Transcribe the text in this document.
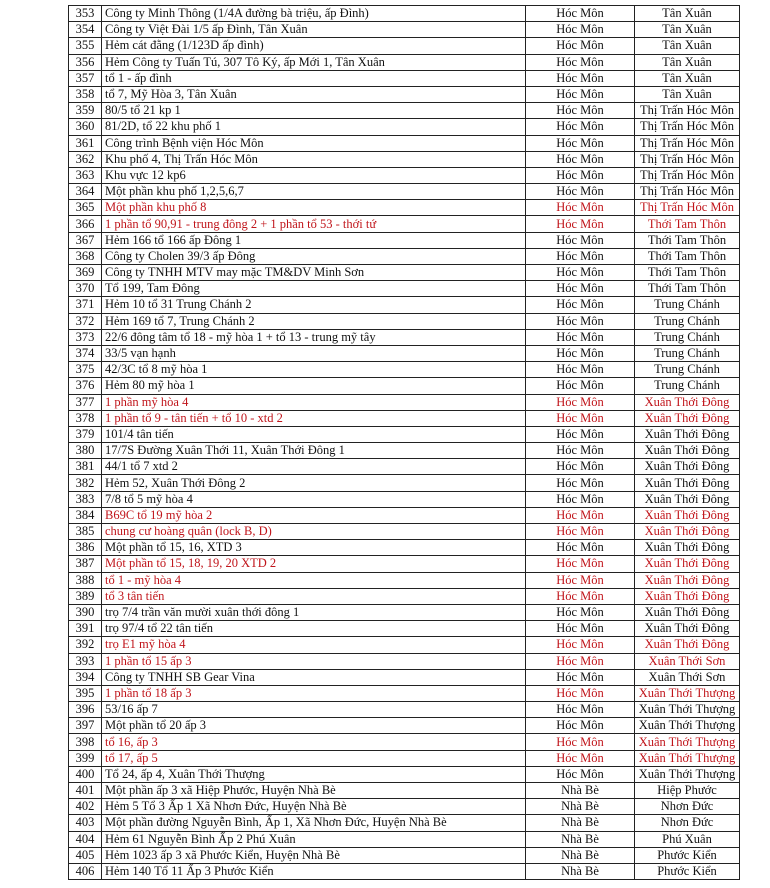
353	Công ty Minh Thông (1/4A đường bà triệu, ấp Đình)	Hóc Môn	Tân Xuân
354	Công ty Việt Đài 1/5 ấp Đình, Tân Xuân	Hóc Môn	Tân Xuân
355	Hẻm cát đằng (1/123D ấp đình)	Hóc Môn	Tân Xuân
356	Hẻm Công ty Tuấn Tú, 307 Tô Ký, ấp Mới 1, Tân Xuân	Hóc Môn	Tân Xuân
357	tổ 1 - ấp đình	Hóc Môn	Tân Xuân
358	tổ 7, Mỹ Hòa 3, Tân Xuân	Hóc Môn	Tân Xuân
359	80/5 tổ 21 kp 1	Hóc Môn	Thị Trấn Hóc Môn
360	81/2D, tổ 22 khu phố 1	Hóc Môn	Thị Trấn Hóc Môn
361	Công trình Bệnh viện Hóc Môn	Hóc Môn	Thị Trấn Hóc Môn
362	Khu phố 4, Thị Trấn Hóc Môn	Hóc Môn	Thị Trấn Hóc Môn
363	Khu vực 12 kp6	Hóc Môn	Thị Trấn Hóc Môn
364	Một phần khu phố 1,2,5,6,7	Hóc Môn	Thị Trấn Hóc Môn
365	Một phần khu phố 8	Hóc Môn	Thị Trấn Hóc Môn
366	1 phần tổ 90,91 - trung đông 2 + 1 phần tổ 53 - thới tứ	Hóc Môn	Thới Tam Thôn
367	Hẻm 166 tổ 166 ấp Đông 1	Hóc Môn	Thới Tam Thôn
368	Công ty Cholen 39/3 ấp Đông	Hóc Môn	Thới Tam Thôn
369	Công ty TNHH MTV may mặc TM&DV Minh Sơn	Hóc Môn	Thới Tam Thôn
370	Tổ 199, Tam Đông	Hóc Môn	Thới Tam Thôn
371	Hẻm 10 tổ 31 Trung Chánh 2	Hóc Môn	Trung Chánh
372	Hẻm 169 tổ 7, Trung Chánh 2	Hóc Môn	Trung Chánh
373	22/6 đông tâm tổ 18 - mỹ hòa 1 + tổ 13 - trung mỹ tây	Hóc Môn	Trung Chánh
374	33/5 vạn hạnh	Hóc Môn	Trung Chánh
375	42/3C tổ 8 mỹ hòa 1	Hóc Môn	Trung Chánh
376	Hẻm 80 mỹ hòa 1	Hóc Môn	Trung Chánh
377	1 phần mỹ hòa 4	Hóc Môn	Xuân Thới Đông
378	1 phần tổ 9 - tân tiến + tổ 10 - xtd 2	Hóc Môn	Xuân Thới Đông
379	101/4 tân tiến	Hóc Môn	Xuân Thới Đông
380	17/7S Đường Xuân Thới 11, Xuân Thới Đông 1	Hóc Môn	Xuân Thới Đông
381	44/1 tổ 7 xtd 2	Hóc Môn	Xuân Thới Đông
382	Hẻm 52, Xuân Thới Đông 2	Hóc Môn	Xuân Thới Đông
383	7/8 tổ 5 mỹ hòa 4	Hóc Môn	Xuân Thới Đông
384	B69C tổ 19 mỹ hòa 2	Hóc Môn	Xuân Thới Đông
385	chung cư hoàng quân (lock B, D)	Hóc Môn	Xuân Thới Đông
386	Một phần tổ 15, 16, XTD 3	Hóc Môn	Xuân Thới Đông
387	Một phần tổ 15, 18, 19, 20 XTD 2	Hóc Môn	Xuân Thới Đông
388	tổ 1 - mỹ hòa 4	Hóc Môn	Xuân Thới Đông
389	tổ 3 tân tiến	Hóc Môn	Xuân Thới Đông
390	trọ 7/4 trần văn mười xuân thới đông 1	Hóc Môn	Xuân Thới Đông
391	trọ 97/4 tổ 22 tân tiến	Hóc Môn	Xuân Thới Đông
392	trọ E1 mỹ hòa 4	Hóc Môn	Xuân Thới Đông
393	1 phần tổ 15 ấp 3	Hóc Môn	Xuân Thới Sơn
394	Công ty TNHH SB Gear Vina	Hóc Môn	Xuân Thới Sơn
395	1 phần tổ 18 ấp 3	Hóc Môn	Xuân Thới Thượng
396	53/16 ấp 7	Hóc Môn	Xuân Thới Thượng
397	Một phần tổ 20 ấp 3	Hóc Môn	Xuân Thới Thượng
398	tổ 16, ấp 3	Hóc Môn	Xuân Thới Thượng
399	tổ 17, ấp 5	Hóc Môn	Xuân Thới Thượng
400	Tổ 24, ấp 4, Xuân Thới Thượng	Hóc Môn	Xuân Thới Thượng
401	Một phần ấp 3 xã Hiệp Phước, Huyện Nhà Bè	Nhà Bè	Hiệp Phước
402	Hẻm 5 Tổ 3 Ấp 1 Xã Nhơn Đức, Huyện Nhà Bè	Nhà Bè	Nhơn Đức
403	Một phần đường Nguyễn Bình, Ấp 1, Xã Nhơn Đức, Huyện Nhà Bè	Nhà Bè	Nhơn Đức
404	Hẻm 61 Nguyễn Bình Ấp 2 Phú Xuân	Nhà Bè	Phú Xuân
405	Hẻm 1023 ấp 3 xã Phước Kiển, Huyện Nhà Bè	Nhà Bè	Phước Kiển
406	Hẻm 140 Tổ 11 Ấp 3 Phước Kiển	Nhà Bè	Phước Kiển
